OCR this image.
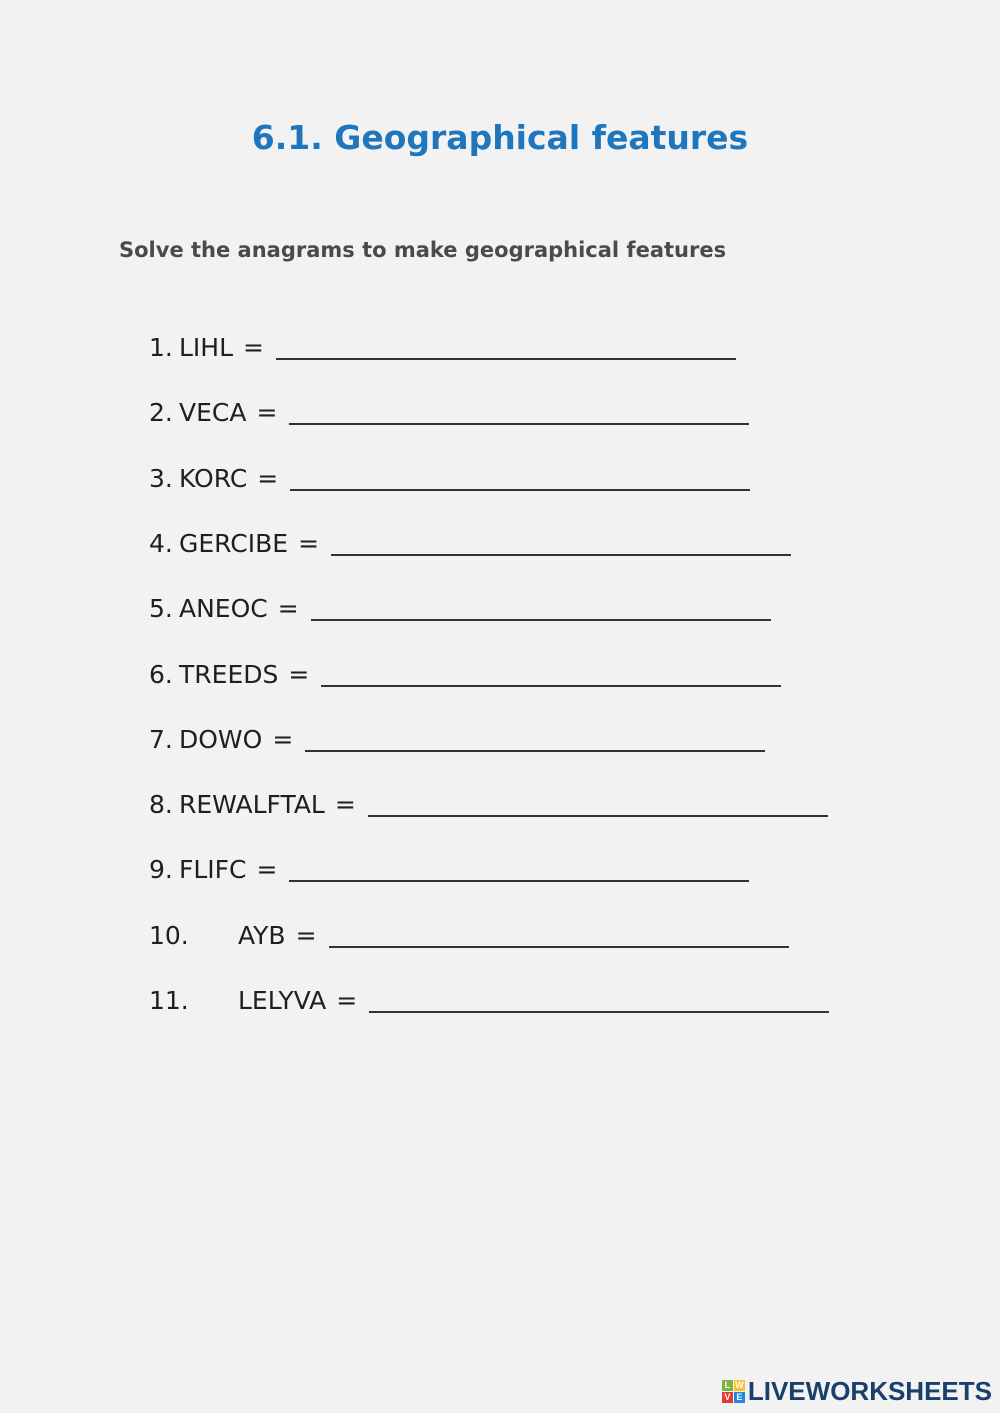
6.1. Geographical features

Solve the anagrams to make geographical features

1. LIHL =
2. VECA =
3. KORC =
4. GERCIBE =
5. ANEOC =
6. TREEDS =
7. DOWO =
8. REWALFTAL =
9. FLIFC =
10. AYB =
11. LELYVA =
L W
V E LIVEWORKSHEETS
